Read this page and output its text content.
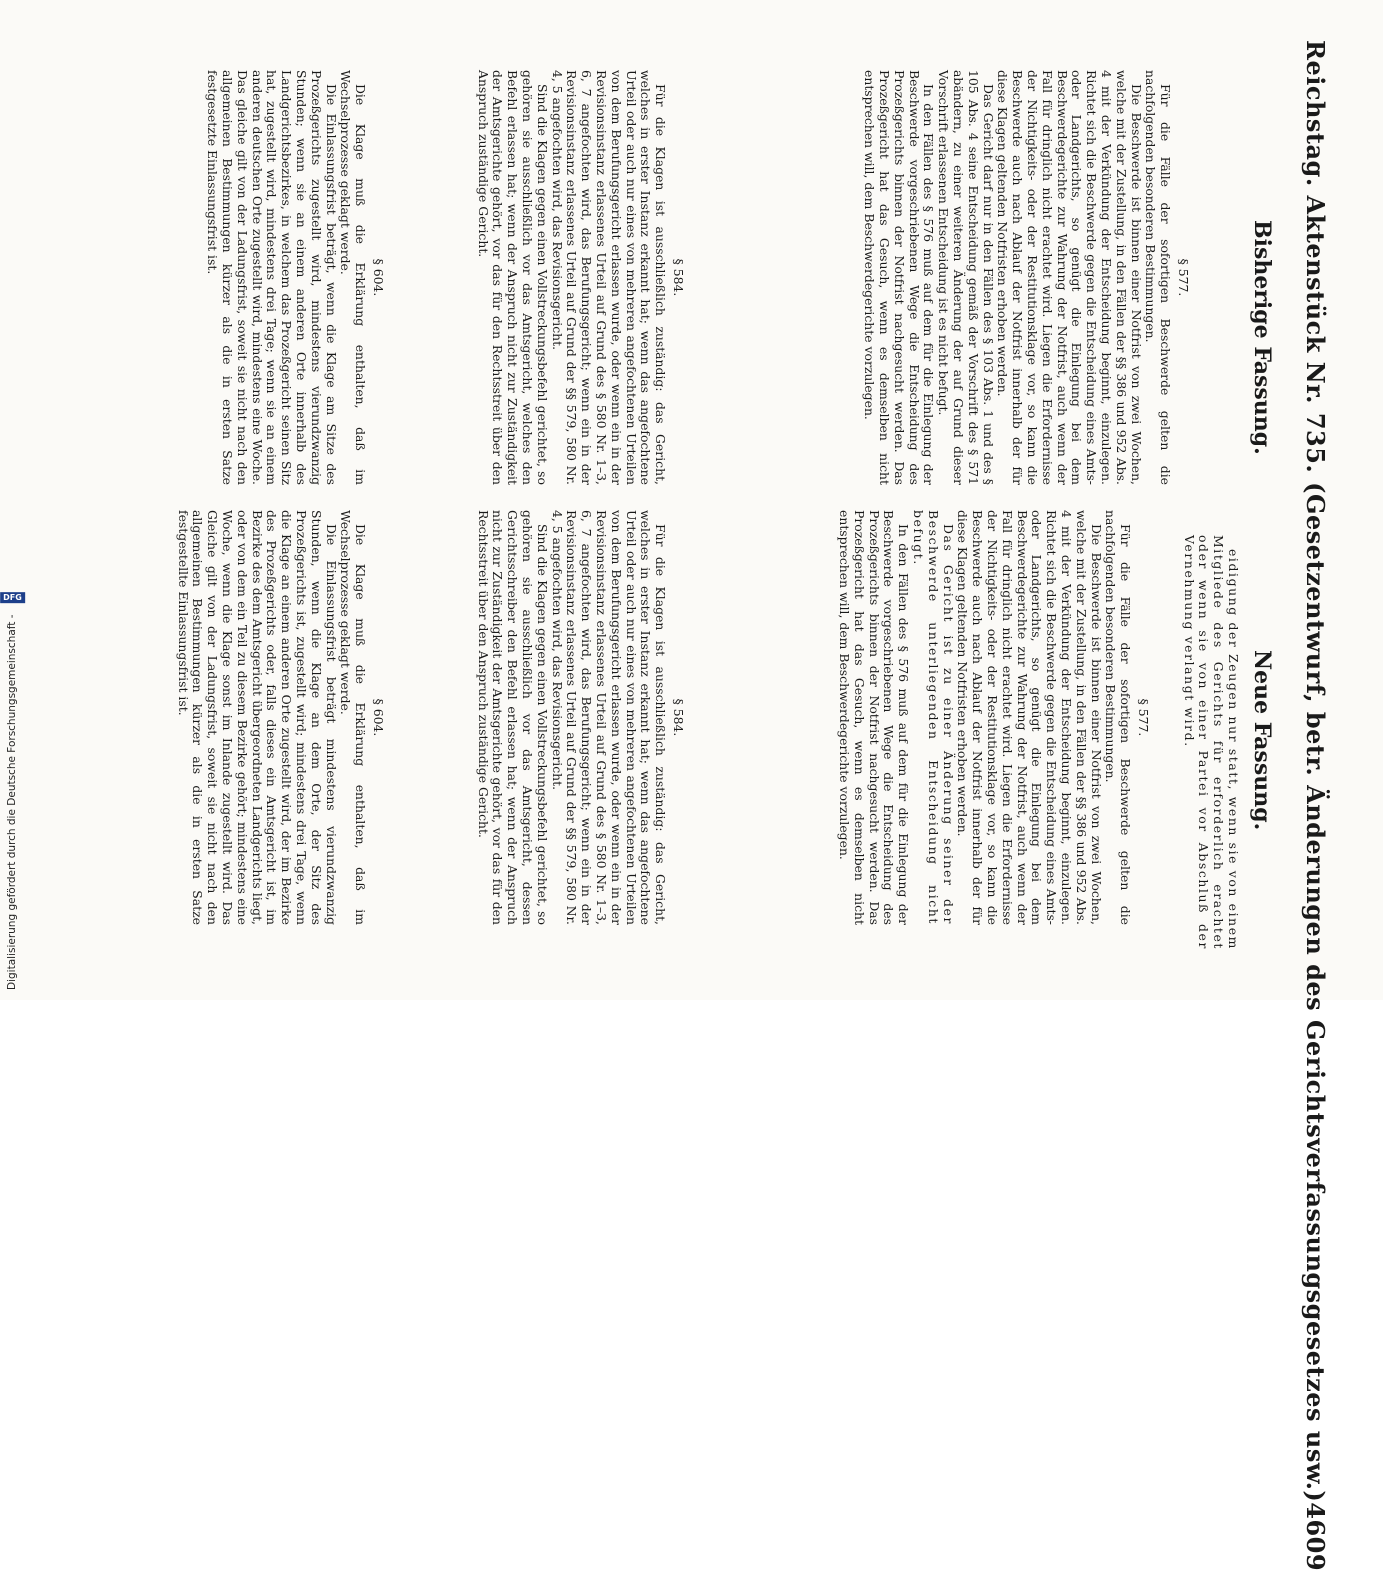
Reichstag. Aktenstück Nr. 735. (Gesetzentwurf, betr. Änderungen des Gerichtsverfassungsgesetzes usw.)
4609
Bisherige Fassung.
Neue Fassung.

eidigung der Zeugen nur statt, wenn sie von einem Mitgliede des Gerichts für erforderlich erachtet oder wenn sie von einer Partei vor Abschluß der Vernehmung verlangt wird.

§ 577.

Für die Fälle der sofortigen Beschwerde gelten die nachfolgenden besonderen Bestimmungen.

Die Beschwerde ist binnen einer Notfrist von zwei Wochen, welche mit der Zustellung, in den Fällen der §§ 386 und 952 Abs. 4 mit der Verkündung der Entscheidung beginnt, einzulegen. Richtet sich die Beschwerde gegen die Entscheidung eines Amts- oder Landgerichts, so genügt die Einlegung bei dem Beschwerdegerichte zur Wahrung der Notfrist, auch wenn der Fall für dringlich nicht erachtet wird. Liegen die Erfordernisse der Nichtigkeits- oder der Restitutionsklage vor, so kann die Beschwerde auch nach Ablauf der Notfrist innerhalb der für diese Klagen geltenden Notfristen erhoben werden.

Das Gericht darf nur in den Fällen des § 103 Abs. 1 und des § 105 Abs. 4 seine Entscheidung gemäß der Vorschrift des § 571 abändern, zu einer weiteren Änderung der auf Grund dieser Vorschrift erlassenen Entscheidung ist es nicht befugt.

In den Fällen des § 576 muß auf dem für die Einlegung der Beschwerde vorgeschriebenen Wege die Entscheidung des Prozeßgerichts binnen der Notfrist nachgesucht werden. Das Prozeßgericht hat das Gesuch, wenn es demselben nicht entsprechen will, dem Beschwerdegerichte vorzulegen.

§ 577.

Für die Fälle der sofortigen Beschwerde gelten die nachfolgenden besonderen Bestimmungen.

Die Beschwerde ist binnen einer Notfrist von zwei Wochen, welche mit der Zustellung, in den Fällen der §§ 386 und 952 Abs. 4 mit der Verkündung der Entscheidung beginnt, einzulegen. Richtet sich die Beschwerde gegen die Entscheidung eines Amts- oder Landgerichts, so genügt die Einlegung bei dem Beschwerdegerichte zur Wahrung der Notfrist, auch wenn der Fall für dringlich nicht erachtet wird. Liegen die Erfordernisse der Nichtigkeits- oder der Restitutionsklage vor, so kann die Beschwerde auch nach Ablauf der Notfrist innerhalb der für diese Klagen geltenden Notfristen erhoben werden.

Das Gericht ist zu einer Änderung seiner der Beschwerde unterliegenden Entscheidung nicht befugt.

In den Fällen des § 576 muß auf dem für die Einlegung der Beschwerde vorgeschriebenen Wege die Entscheidung des Prozeßgerichts binnen der Notfrist nachgesucht werden. Das Prozeßgericht hat das Gesuch, wenn es demselben nicht entsprechen will, dem Beschwerdegerichte vorzulegen.

§ 584.

Für die Klagen ist ausschließlich zuständig: das Gericht, welches in erster Instanz erkannt hat; wenn das angefochtene Urteil oder auch nur eines von mehreren angefochtenen Urteilen von dem Berufungsgericht erlassen wurde, oder wenn ein in der Revisionsinstanz erlassenes Urteil auf Grund des § 580 Nr. 1–3, 6, 7 angefochten wird, das Berufungsgericht; wenn ein in der Revisionsinstanz erlassenes Urteil auf Grund der §§ 579, 580 Nr. 4, 5 angefochten wird, das Revisionsgericht.

Sind die Klagen gegen einen Vollstreckungsbefehl gerichtet, so gehören sie ausschließlich vor das Amtsgericht, welches den Befehl erlassen hat; wenn der Anspruch nicht zur Zuständigkeit der Amtsgerichte gehört, vor das für den Rechtsstreit über den Anspruch zuständige Gericht.

§ 584.

Für die Klagen ist ausschließlich zuständig: das Gericht, welches in erster Instanz erkannt hat; wenn das angefochtene Urteil oder auch nur eines von mehreren angefochtenen Urteilen von dem Berufungsgericht erlassen wurde, oder wenn ein in der Revisionsinstanz erlassenes Urteil auf Grund des § 580 Nr. 1–3, 6, 7 angefochten wird, das Berufungsgericht; wenn ein in der Revisionsinstanz erlassenes Urteil auf Grund der §§ 579, 580 Nr. 4, 5 angefochten wird, das Revisionsgericht.

Sind die Klagen gegen einen Vollstreckungsbefehl gerichtet, so gehören sie ausschließlich vor das Amtsgericht, dessen Gerichtsschreiber den Befehl erlassen hat; wenn der Anspruch nicht zur Zuständigkeit der Amtsgerichte gehört, vor das für den Rechtsstreit über den Anspruch zuständige Gericht.

§ 604.

Die Klage muß die Erklärung enthalten, daß im Wechselprozesse geklagt werde.

Die Einlassungsfrist beträgt, wenn die Klage am Sitze des Prozeßgerichts zugestellt wird, mindestens vierundzwanzig Stunden; wenn sie an einem anderen Orte innerhalb des Landgerichtsbezirkes, in welchem das Prozeßgericht seinen Sitz hat, zugestellt wird, mindestens drei Tage; wenn sie an einem anderen deutschen Orte zugestellt wird, mindestens eine Woche. Das gleiche gilt von der Ladungsfrist, soweit sie nicht nach den allgemeinen Bestimmungen kürzer als die in ersten Satze festgesetzte Einlassungsfrist ist.

§ 604.

Die Klage muß die Erklärung enthalten, daß im Wechselprozesse geklagt werde.

Die Einlassungsfrist beträgt mindestens vierundzwanzig Stunden, wenn die Klage an dem Orte, der Sitz des Prozeßgerichts ist, zugestellt wird; mindestens drei Tage, wenn die Klage an einem anderen Orte zugestellt wird, der im Bezirke des Prozeßgerichts oder, falls dieses ein Amtsgericht ist, im Bezirke des dem Amtsgericht übergeordneten Landgerichts liegt, oder von dem ein Teil zu diesem Bezirke gehört; mindestens eine Woche, wenn die Klage sonst im Inlande zugestellt wird. Das Gleiche gilt von der Ladungsfrist, soweit sie nicht nach den allgemeinen Bestimmungen kürzer als die in ersten Satze festgestellte Einlassungsfrist ist.

Digitalisierung gefördert durch die Deutsche Forschungsgemeinschaft -
DFG
